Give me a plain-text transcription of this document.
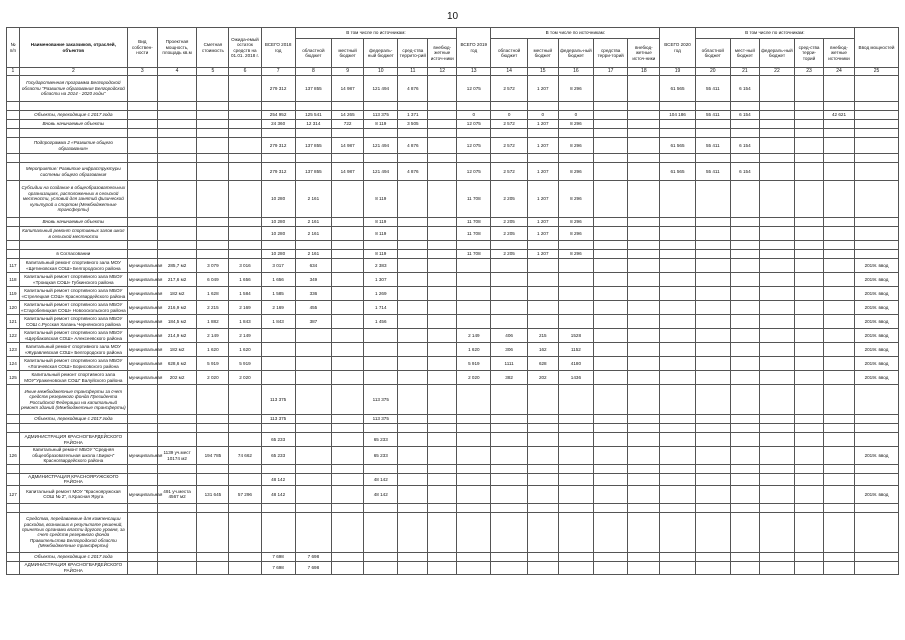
10
№ п/п	Наименование заказчиков, отраслей, объектов	Вид собствен-ности	Проектная мощность, площадь кв.м	Сметная стоимость	Ожида-емый остаток средств на 01.01. 2018 г.	ВСЕГО 2018 год	В том числе по источникам:					ВСЕГО 2019 год	В том числе по источникам:					ВСЕГО 2020 год	В том числе по источникам:					Ввод мощностей
							областной бюджет	местный бюджет	федераль-ный бюджет	сред-ства террито-рий	внебюд-жетные источ-ники		областной бюджет	местный бюджет	федераль-ный бюджет	средства терри-торий	внебюд-жетные источ-ники		областной бюджет	мест-ный бюджет	федераль-ный бюджет	сред-ства терри-торий	внебюд-жетные источники	
1	2	3	4	5	6	7	8	9	10	11	12	13	14	15	16	17	18	19	20	21	22	23	24	25
	Государственная программа Белгородской области "Развитие образования Белгородской области на 2014 - 2020 годы"					279 312	137 855	14 987	121 494	4 876		12 075	2 572	1 207	8 296			61 565	55 411	6 154				

	Объекты, переходящие с 2017 года					254 952	125 541	14 265	113 375	1 371		0	0	0	0			104 186	55 411	6 154			42 621	
	Вновь начинаемые объекты					24 360	12 314	722	8 119	3 505		12 075	2 572	1 207	8 296									

	Подпрограмма 2 «Развитие общего образования»					279 312	137 855	14 987	121 494	4 876		12 075	2 572	1 207	8 296			61 565	55 411	6 154				

	Мероприятие: Развитие инфраструктуры системы общего образования					279 312	137 855	14 987	121 494	4 876		12 075	2 572	1 207	8 296			61 565	55 411	6 154				
	Субсидии на создание в общеобразовательных организациях, расположенных в сельской местности, условий для занятий физической культурой и спортом (Межбюджетные трансферты)					10 280	2 161		8 119			11 708	2 205	1 207	8 296									
	Вновь начинаемые объекты					10 280	2 161		8 119			11 708	2 205	1 207	8 296									
	Капитальный ремонт спортивных залов школ в сельской местности					10 280	2 161		8 119			11 708	2 205	1 207	8 296									

	в Согласовании					10 280	2 161		8 119			11 708	2 205	1 207	8 296									
117	Капитальный ремонт спортивного зала МОУ «Щетиновская СОШ» Белгородского района	муниципальная	285,7 м2	3 079	3 016	3 017	634		2 383															2019г. ввод
118	Капитальный ремонт спортивного зала МБОУ «Троицкая СОШ» Губкинского района	муниципальная	217,6 м2	6 049	1 656	1 656	349		1 307															2019г. ввод
119	Капитальный ремонт спортивного зала МБОУ «Стрелецкая СОШ» Красногвардейского района	муниципальная	182 м2	1 628	1 584	1 585	336		1 269															2019г. ввод
120	Капитальный ремонт спортивного зала МБОУ «Старобелицкая СОШ» Новооскольского района	муниципальная	216,9 м2	2 215	2 169	2 169	455		1 714															2019г. ввод
121	Капитальный ремонт спортивного зала МБОУ СОШ с.Русская Халань Чернянского района	муниципальная	184,5 м2	1 882	1 843	1 843	387		1 456															2019г. ввод
122	Капитальный ремонт спортивного зала МБОУ «Щербаковская СОШ» Алексеевского района	муниципальная	214,9 м2	2 149	2 149							2 149	406	215	1528									2019г. ввод
123	Капитальный ремонт спортивного зала МОУ «Журавлевская СОШ» Белгородского района	муниципальная	182 м2	1 620	1 620							1 620	306	162	1152									2019г. ввод
124	Капитальный ремонт спортивного зала МБОУ «Логачевская СОШ» Борисовского района	муниципальная	628,6 м2	5 919	5 919							5 919	1111	628	4180									2019г. ввод
125	Капитальный ремонт спортивного зала МОУ"Ураженовская СОШ" Валуйского района	муниципальная	202 м2	2 020	2 020							2 020	382	202	1436									2019г. ввод
	Иные межбюджетные трансферты за счет средств резервного фонда Президента Российской Федерации на капитальный ремонт зданий (Межбюджетные трансферты)					113 375			113 375															
	Объекты, переходящие с 2017 года					113 375			113 375															

	АДМИНИСТРАЦИЯ КРАСНОГВАРДЕЙСКОГО РАЙОНА					65 233			65 233															
126	Капитальный ремонт МБОУ "Средняя общеобразовательная школа г.Бирюч" Красногвардейского района	муниципальная	1139 уч.мест 10174 м2	194 785	74 662	65 233			65 233															2019г. ввод

	АДМИНИСТРАЦИЯ КРАСНОЯРУЖСКОГО РАЙОНА					48 142			48 142															
127	Капитальный ремонт МОУ "Краснояружская СОШ № 2", п.Красная Яруга	муниципальная	491 уч.места 4567 м2	131 645	57 296	48 142			48 142															2019г. ввод

	Средства, передаваемые для компенсации расходов, возникших в результате решений, принятых органами власти другого уровня, за счет средств резервного фонда Правительства Белгородской области (Межбюджетные трансферты)																							
	Объекты, переходящие с 2017 года					7 698	7 698																	
	АДМИНИСТРАЦИЯ КРАСНОГВАРДЕЙСКОГО РАЙОНА					7 698	7 698																	
